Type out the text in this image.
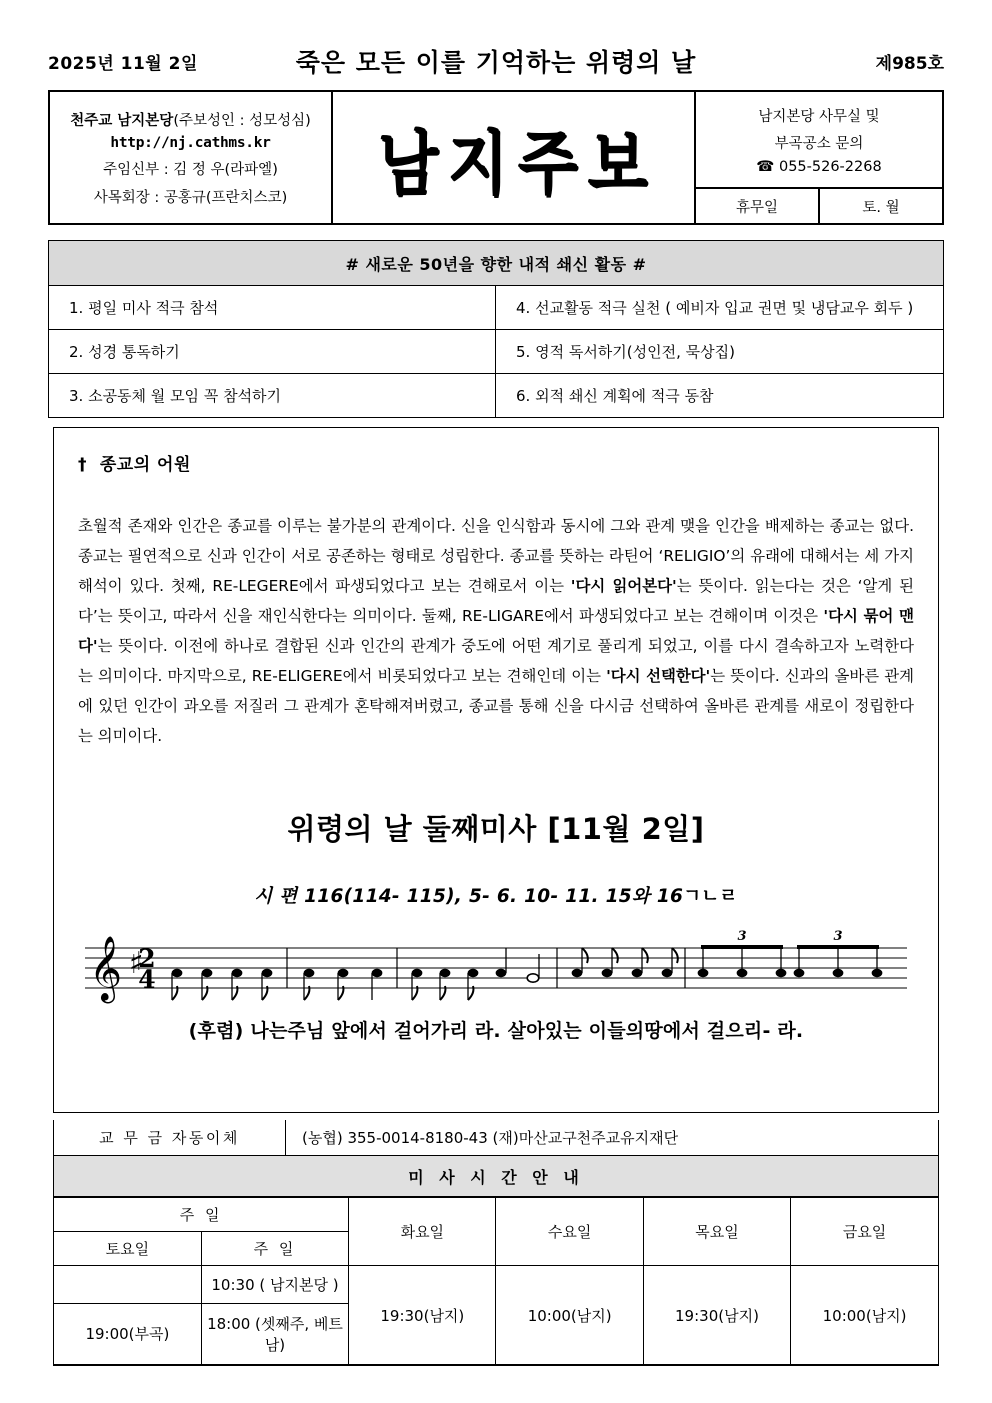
2025년 11월 2일	죽은 모든 이를 기억하는 위령의 날	제985호
천주교 남지본당(주보성인 : 성모성심)
http://nj.cathms.kr
주임신부 : 김 정 우(라파엘)
사목회장 : 공홍규(프란치스코) 남지주보
남지본당 사무실 및
부곡공소 문의
☎ 055-526-2268
휴무일	토. 월
# 새로운 50년을 향한 내적 쇄신 활동 #
1. 평일 미사 적극 참석	4. 선교활동 적극 실천 ( 예비자 입교 권면 및 냉담교우 회두 )
2. 성경 통독하기	5. 영적 독서하기(성인전, 묵상집)
3. 소공동체 월 모임 꼭 참석하기	6. 외적 쇄신 계획에 적극 동참
† 종교의 어원

초월적 존재와 인간은 종교를 이루는 불가분의 관계이다. 신을 인식함과 동시에 그와 관계 맺을 인간을 배제하는 종교는 없다. 종교는 필연적으로 신과 인간이 서로 공존하는 형태로 성립한다. 종교를 뜻하는 라틴어 ‘RELIGIO’의 유래에 대해서는 세 가지 해석이 있다. 첫째, RE-LEGERE에서 파생되었다고 보는 견해로서 이는 '다시 읽어본다'는 뜻이다. 읽는다는 것은 ‘알게 된다’는 뜻이고, 따라서 신을 재인식한다는 의미이다. 둘째, RE-LIGARE에서 파생되었다고 보는 견해이며 이것은 '다시 묶어 맨다'는 뜻이다. 이전에 하나로 결합된 신과 인간의 관계가 중도에 어떤 계기로 풀리게 되었고, 이를 다시 결속하고자 노력한다는 의미이다. 마지막으로, RE-ELIGERE에서 비롯되었다고 보는 견해인데 이는 '다시 선택한다'는 뜻이다. 신과의 올바른 관계에 있던 인간이 과오를 저질러 그 관계가 혼탁해져버렸고, 종교를 통해 신을 다시금 선택하여 올바른 관계를 새로이 정립한다는 의미이다.

위령의 날 둘째미사 [11월 2일]
시 편 116(114- 115), 5- 6. 10- 11. 15와 16ㄱㄴㄹ
𝄞 ♯
2
4
3	3
(후렴) 나는주님 앞에서 걸어가리 라. 살아있는 이들의땅에서 걸으리- 라.
교 무 금 자동이체	(농협) 355-0014-8180-43 (재)마산교구천주교유지재단
미 사 시 간 안 내
주 일		화요일	수요일	목요일	금요일
토요일	주 일				
	10:30 ( 남지본당 )	19:30(남지)	10:00(남지)	19:30(남지)	10:00(남지)
19:00(부곡)	18:00 (셋째주, 베트남)				
